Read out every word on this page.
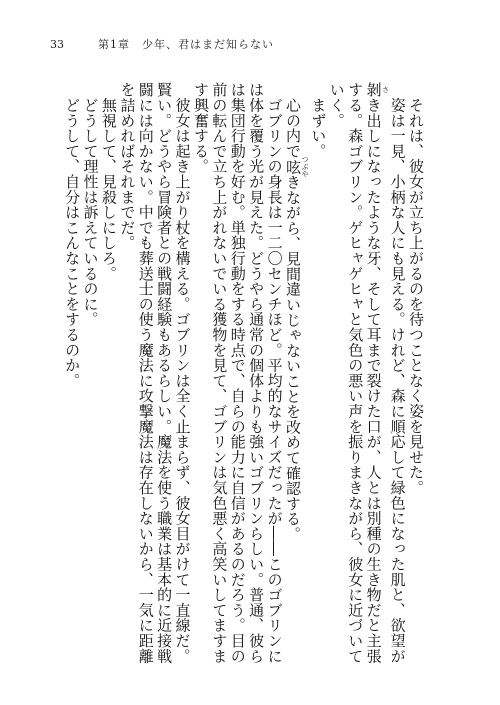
33	第1章　少年、君はまだ知らない

　それは、彼女が立ち上がるのを待つことなく姿を見せた。

　姿は一見、小柄な人にも見える。けれど、森に順応して緑色になった肌と、欲望が剝 さき出しになったような牙、そして耳まで裂けた口が、人とは別種の生き物だと主張する。森ゴブリン。ゲヒャゲヒャと気色の悪い声を振りまきながら、彼女に近づいていく。

　まずい。

　心の内で呟 つぶやきながら、見間違いじゃないことを改めて確認する。

　ゴブリンの身長は一二〇センチほど。平均的なサイズだったが――このゴブリンには体を覆う光が見えた。どうやら通常の個体よりも強いゴブリンらしい。普通、彼らは集団行動を好む。単独行動をする時点で、自らの能力に自信があるのだろう。目の前の転んで立ち上がれないでいる獲物を見て、ゴブリンは気色悪く高笑いしてますます興奮する。

　彼女は起き上がり杖を構える。ゴブリンは全く止まらず、彼女目がけて一直線だ。賢い。どうやら冒険者との戦闘経験もあるらしい。魔法を使う職業は基本的に近接戦闘には向かない。中でも葬送士の使う魔法に攻撃魔法は存在しないから、一気に距離を詰めればそれまでだ。

　無視して、見殺しにしろ。

　どうして理性は訴えているのに。

　どうして、自分はこんなことをするのか。
